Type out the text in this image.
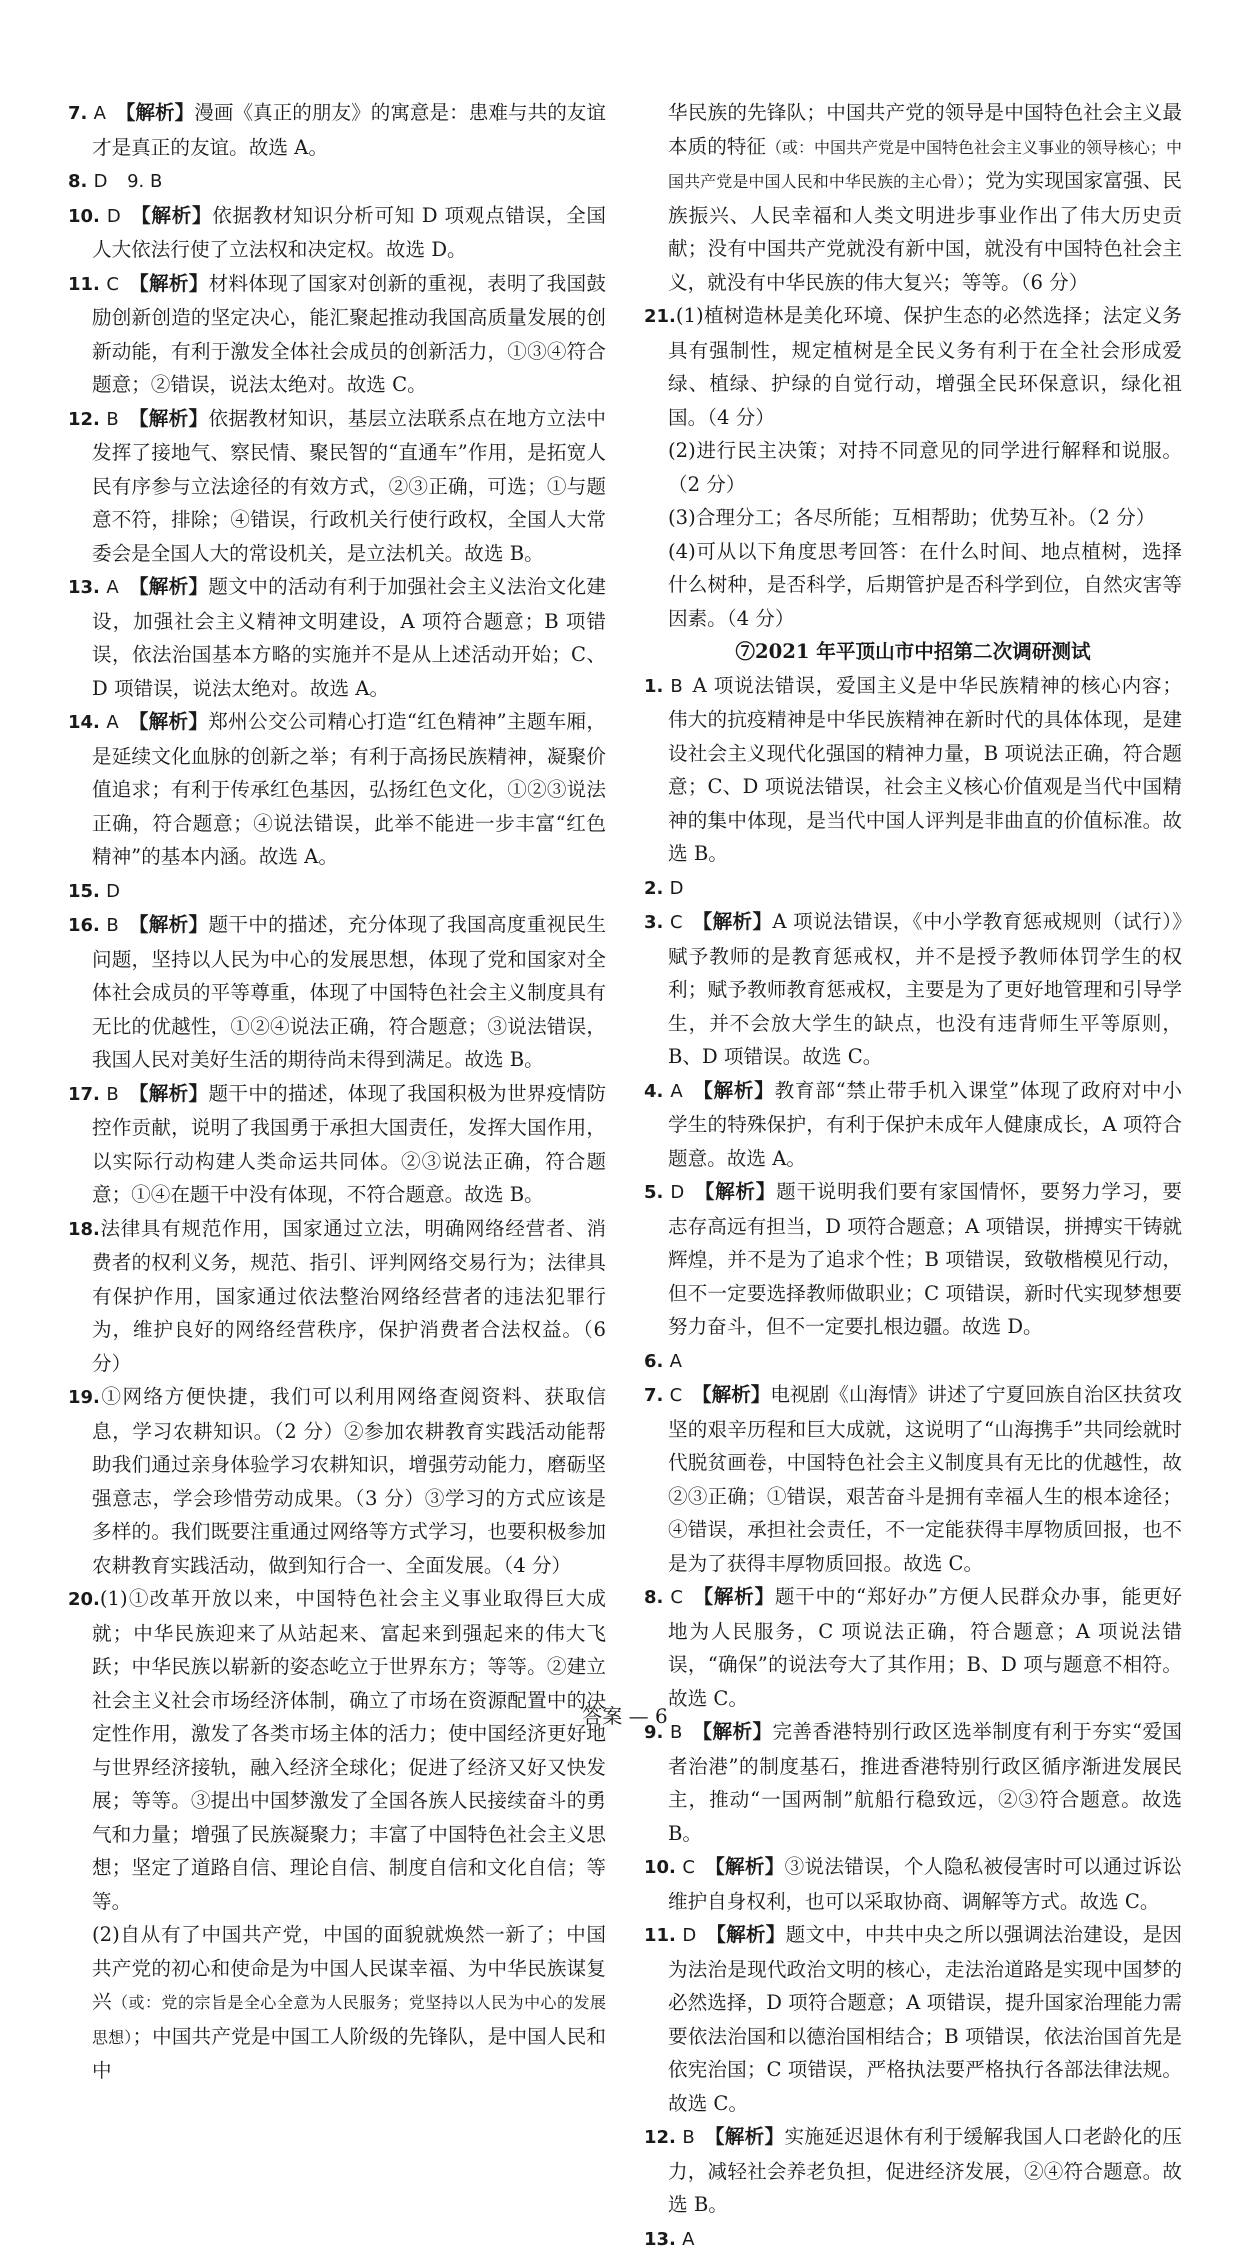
7. A  【解析】漫画《真正的朋友》的寓意是：患难与共的友谊才是真正的友谊。故选 A。

8. D  9. B

10. D  【解析】依据教材知识分析可知 D 项观点错误，全国人大依法行使了立法权和决定权。故选 D。

11. C  【解析】材料体现了国家对创新的重视，表明了我国鼓励创新创造的坚定决心，能汇聚起推动我国高质量发展的创新动能，有利于激发全体社会成员的创新活力，①③④符合题意；②错误，说法太绝对。故选 C。

12. B  【解析】依据教材知识，基层立法联系点在地方立法中发挥了接地气、察民情、聚民智的“直通车”作用，是拓宽人民有序参与立法途径的有效方式，②③正确，可选；①与题意不符，排除；④错误，行政机关行使行政权，全国人大常委会是全国人大的常设机关，是立法机关。故选 B。

13. A  【解析】题文中的活动有利于加强社会主义法治文化建设，加强社会主义精神文明建设，A 项符合题意；B 项错误，依法治国基本方略的实施并不是从上述活动开始；C、D 项错误，说法太绝对。故选 A。

14. A  【解析】郑州公交公司精心打造“红色精神”主题车厢，是延续文化血脉的创新之举；有利于高扬民族精神，凝聚价值追求；有利于传承红色基因，弘扬红色文化，①②③说法正确，符合题意；④说法错误，此举不能进一步丰富“红色精神”的基本内涵。故选 A。

15. D

16. B  【解析】题干中的描述，充分体现了我国高度重视民生问题，坚持以人民为中心的发展思想，体现了党和国家对全体社会成员的平等尊重，体现了中国特色社会主义制度具有无比的优越性，①②④说法正确，符合题意；③说法错误，我国人民对美好生活的期待尚未得到满足。故选 B。

17. B  【解析】题干中的描述，体现了我国积极为世界疫情防控作贡献，说明了我国勇于承担大国责任，发挥大国作用，以实际行动构建人类命运共同体。②③说法正确，符合题意；①④在题干中没有体现，不符合题意。故选 B。

18.法律具有规范作用，国家通过立法，明确网络经营者、消费者的权利义务，规范、指引、评判网络交易行为；法律具有保护作用，国家通过依法整治网络经营者的违法犯罪行为，维护良好的网络经营秩序，保护消费者合法权益。（6 分）

19.①网络方便快捷，我们可以利用网络查阅资料、获取信息，学习农耕知识。（2 分）②参加农耕教育实践活动能帮助我们通过亲身体验学习农耕知识，增强劳动能力，磨砺坚强意志，学会珍惜劳动成果。（3 分）③学习的方式应该是多样的。我们既要注重通过网络等方式学习，也要积极参加农耕教育实践活动，做到知行合一、全面发展。（4 分）

20.(1)①改革开放以来，中国特色社会主义事业取得巨大成就；中华民族迎来了从站起来、富起来到强起来的伟大飞跃；中华民族以崭新的姿态屹立于世界东方；等等。②建立社会主义社会市场经济体制，确立了市场在资源配置中的决定性作用，激发了各类市场主体的活力；使中国经济更好地与世界经济接轨，融入经济全球化；促进了经济又好又快发展；等等。③提出中国梦激发了全国各族人民接续奋斗的勇气和力量；增强了民族凝聚力；丰富了中国特色社会主义思想；坚定了道路自信、理论自信、制度自信和文化自信；等等。

(2)自从有了中国共产党，中国的面貌就焕然一新了；中国共产党的初心和使命是为中国人民谋幸福、为中华民族谋复兴（或：党的宗旨是全心全意为人民服务；党坚持以人民为中心的发展思想）；中国共产党是中国工人阶级的先锋队，是中国人民和中

华民族的先锋队；中国共产党的领导是中国特色社会主义最本质的特征（或：中国共产党是中国特色社会主义事业的领导核心；中国共产党是中国人民和中华民族的主心骨）；党为实现国家富强、民族振兴、人民幸福和人类文明进步事业作出了伟大历史贡献；没有中国共产党就没有新中国，就没有中国特色社会主义，就没有中华民族的伟大复兴；等等。（6 分）

21.(1)植树造林是美化环境、保护生态的必然选择；法定义务具有强制性，规定植树是全民义务有利于在全社会形成爱绿、植绿、护绿的自觉行动，增强全民环保意识，绿化祖国。（4 分）

(2)进行民主决策；对持不同意见的同学进行解释和说服。（2 分）

(3)合理分工；各尽所能；互相帮助；优势互补。（2 分）

(4)可从以下角度思考回答：在什么时间、地点植树，选择什么树种，是否科学，后期管护是否科学到位，自然灾害等因素。（4 分）

⑦2021 年平顶山市中招第二次调研测试

1. B  A 项说法错误，爱国主义是中华民族精神的核心内容；伟大的抗疫精神是中华民族精神在新时代的具体体现，是建设社会主义现代化强国的精神力量，B 项说法正确，符合题意；C、D 项说法错误，社会主义核心价值观是当代中国精神的集中体现，是当代中国人评判是非曲直的价值标准。故选 B。

2. D

3. C  【解析】A 项说法错误，《中小学教育惩戒规则（试行）》赋予教师的是教育惩戒权，并不是授予教师体罚学生的权利；赋予教师教育惩戒权，主要是为了更好地管理和引导学生，并不会放大学生的缺点，也没有违背师生平等原则，B、D 项错误。故选 C。

4. A  【解析】教育部“禁止带手机入课堂”体现了政府对中小学生的特殊保护，有利于保护未成年人健康成长，A 项符合题意。故选 A。

5. D  【解析】题干说明我们要有家国情怀，要努力学习，要志存高远有担当，D 项符合题意；A 项错误，拼搏实干铸就辉煌，并不是为了追求个性；B 项错误，致敬楷模见行动，但不一定要选择教师做职业；C 项错误，新时代实现梦想要努力奋斗，但不一定要扎根边疆。故选 D。

6. A

7. C  【解析】电视剧《山海情》讲述了宁夏回族自治区扶贫攻坚的艰辛历程和巨大成就，这说明了“山海携手”共同绘就时代脱贫画卷，中国特色社会主义制度具有无比的优越性，故②③正确；①错误，艰苦奋斗是拥有幸福人生的根本途径；④错误，承担社会责任，不一定能获得丰厚物质回报，也不是为了获得丰厚物质回报。故选 C。

8. C  【解析】题干中的“郑好办”方便人民群众办事，能更好地为人民服务，C 项说法正确，符合题意；A 项说法错误，“确保”的说法夸大了其作用；B、D 项与题意不相符。故选 C。

9. B  【解析】完善香港特别行政区选举制度有利于夯实“爱国者治港”的制度基石，推进香港特别行政区循序渐进发展民主，推动“一国两制”航船行稳致远，②③符合题意。故选 B。

10. C  【解析】③说法错误，个人隐私被侵害时可以通过诉讼维护自身权利，也可以采取协商、调解等方式。故选 C。

11. D  【解析】题文中，中共中央之所以强调法治建设，是因为法治是现代政治文明的核心，走法治道路是实现中国梦的必然选择，D 项符合题意；A 项错误，提升国家治理能力需要依法治国和以德治国相结合；B 项错误，依法治国首先是依宪治国；C 项错误，严格执法要严格执行各部法律法规。故选 C。

12. B  【解析】实施延迟退休有利于缓解我国人口老龄化的压力，减轻社会养老负担，促进经济发展，②④符合题意。故选 B。

13. A

答案 — 6
